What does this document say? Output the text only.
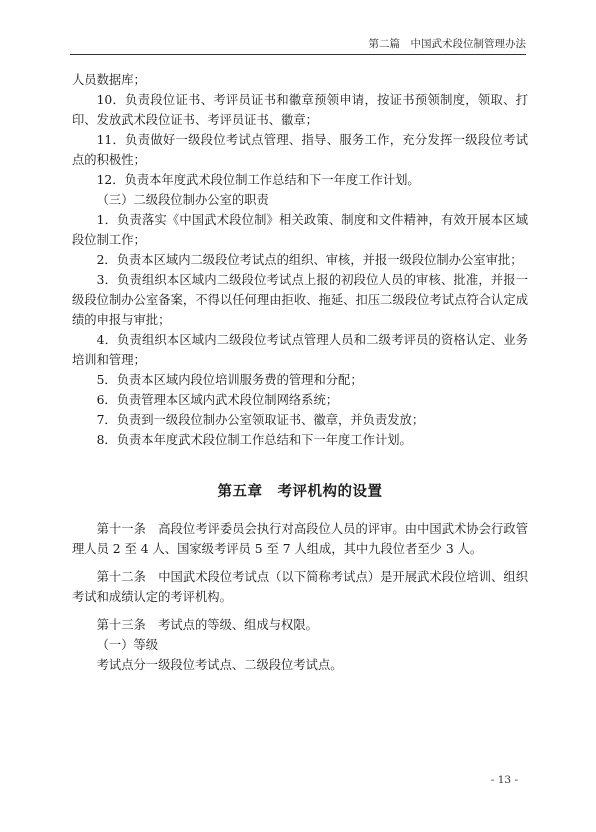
第二篇　中国武术段位制管理办法

人员数据库；

10．负责段位证书、考评员证书和徽章预领申请，按证书预领制度，领取、打印、发放武术段位证书、考评员证书、徽章；

11．负责做好一级段位考试点管理、指导、服务工作，充分发挥一级段位考试点的积极性；

12．负责本年度武术段位制工作总结和下一年度工作计划。

（三）二级段位制办公室的职责

1．负责落实《中国武术段位制》相关政策、制度和文件精神，有效开展本区域段位制工作；

2．负责本区域内二级段位考试点的组织、审核，并报一级段位制办公室审批；

3．负责组织本区域内二级段位考试点上报的初段位人员的审核、批准，并报一级段位制办公室备案，不得以任何理由拒收、拖延、扣压二级段位考试点符合认定成绩的申报与审批；

4．负责组织本区域内二级段位考试点管理人员和二级考评员的资格认定、业务培训和管理；

5．负责本区域内段位培训服务费的管理和分配；

6．负责管理本区域内武术段位制网络系统；

7．负责到一级段位制办公室领取证书、徽章，并负责发放；

8．负责本年度武术段位制工作总结和下一年度工作计划。

第五章　考评机构的设置

第十一条　高段位考评委员会执行对高段位人员的评审。由中国武术协会行政管理人员 2 至 4 人、国家级考评员 5 至 7 人组成，其中九段位者至少 3 人。

第十二条　中国武术段位考试点（以下简称考试点）是开展武术段位培训、组织考试和成绩认定的考评机构。

第十三条　考试点的等级、组成与权限。

（一）等级

考试点分一级段位考试点、二级段位考试点。

- 13 -
